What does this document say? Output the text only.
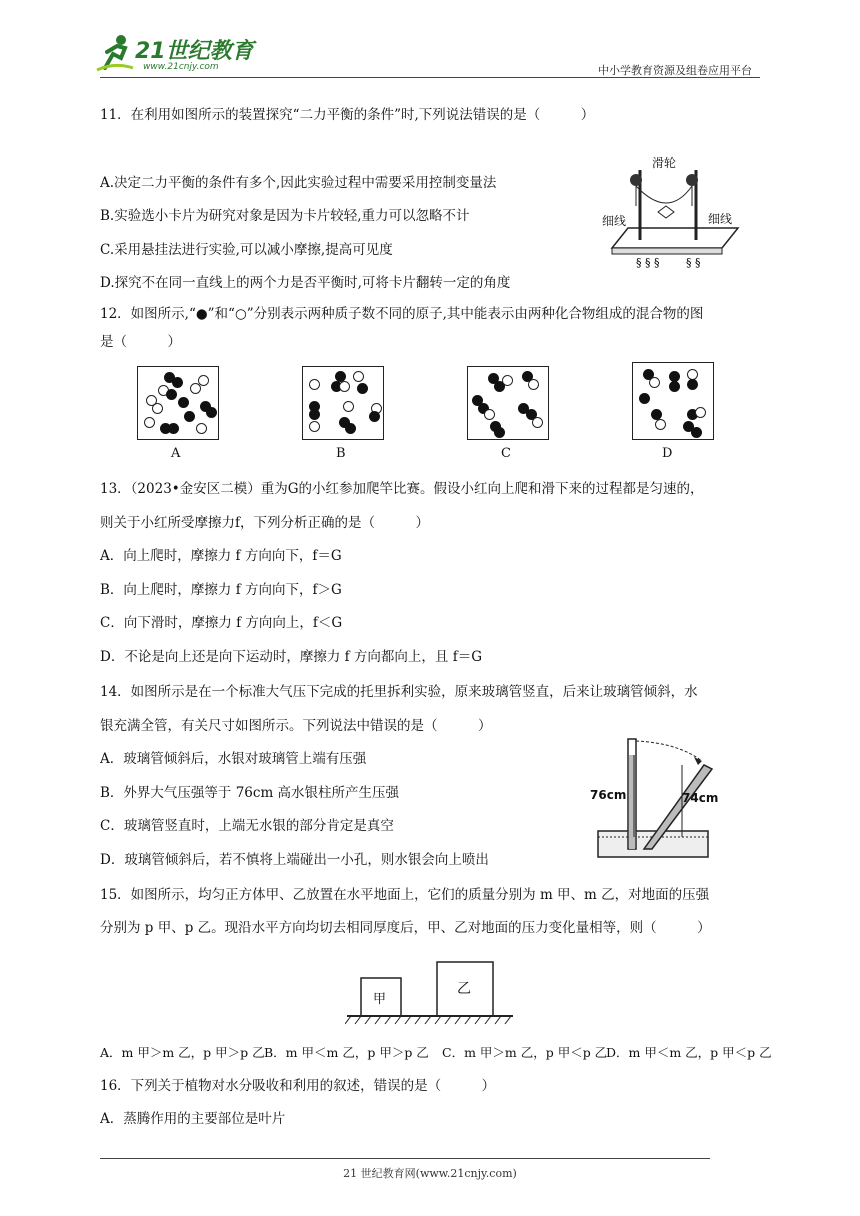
21世纪教育
www.21cnjy.com	中小学教育资源及组卷应用平台
11．在利用如图所示的装置探究“二力平衡的条件”时,下列说法错误的是（　　　）
A.决定二力平衡的条件有多个,因此实验过程中需要采用控制变量法
B.实验选小卡片为研究对象是因为卡片较轻,重力可以忽略不计
C.采用悬挂法进行实验,可以减小摩擦,提高可见度
D.探究不在同一直线上的两个力是否平衡时,可将卡片翻转一定的角度
§ § § § §
滑轮
细线	细线
12．如图所示,“●”和“○”分别表示两种质子数不同的原子,其中能表示由两种化合物组成的混合物的图
是（　　　）
A	B	C	D
13．（2023•金安区二模）重为G的小红参加爬竿比赛。假设小红向上爬和滑下来的过程都是匀速的，
则关于小红所受摩擦力f，下列分析正确的是（　　　）
A．向上爬时，摩擦力 f 方向向下，f＝G
B．向上爬时，摩擦力 f 方向向下，f＞G
C．向下滑时，摩擦力 f 方向向上，f＜G
D．不论是向上还是向下运动时，摩擦力 f 方向都向上，且 f＝G
14．如图所示是在一个标准大气压下完成的托里拆利实验，原来玻璃管竖直，后来让玻璃管倾斜，水
银充满全管，有关尺寸如图所示。下列说法中错误的是（　　　）
A．玻璃管倾斜后，水银对玻璃管上端有压强
B．外界大气压强等于 76cm 高水银柱所产生压强
C．玻璃管竖直时，上端无水银的部分肯定是真空
D．玻璃管倾斜后，若不慎将上端碰出一小孔，则水银会向上喷出
76cm	74cm
15．如图所示，均匀正方体甲、乙放置在水平地面上，它们的质量分别为 m 甲、m 乙，对地面的压强
分别为 p 甲、p 乙。现沿水平方向均切去相同厚度后，甲、乙对地面的压力变化量相等，则（　　　）
甲
乙
A．m 甲＞m 乙，p 甲＞p 乙 B．m 甲＜m 乙，p 甲＞p 乙 C．m 甲＞m 乙，p 甲＜p 乙
D．m 甲＜m 乙，p 甲＜p 乙
16．下列关于植物对水分吸收和利用的叙述，错误的是（　　　）
A．蒸腾作用的主要部位是叶片
21 世纪教育网(www.21cnjy.com)
